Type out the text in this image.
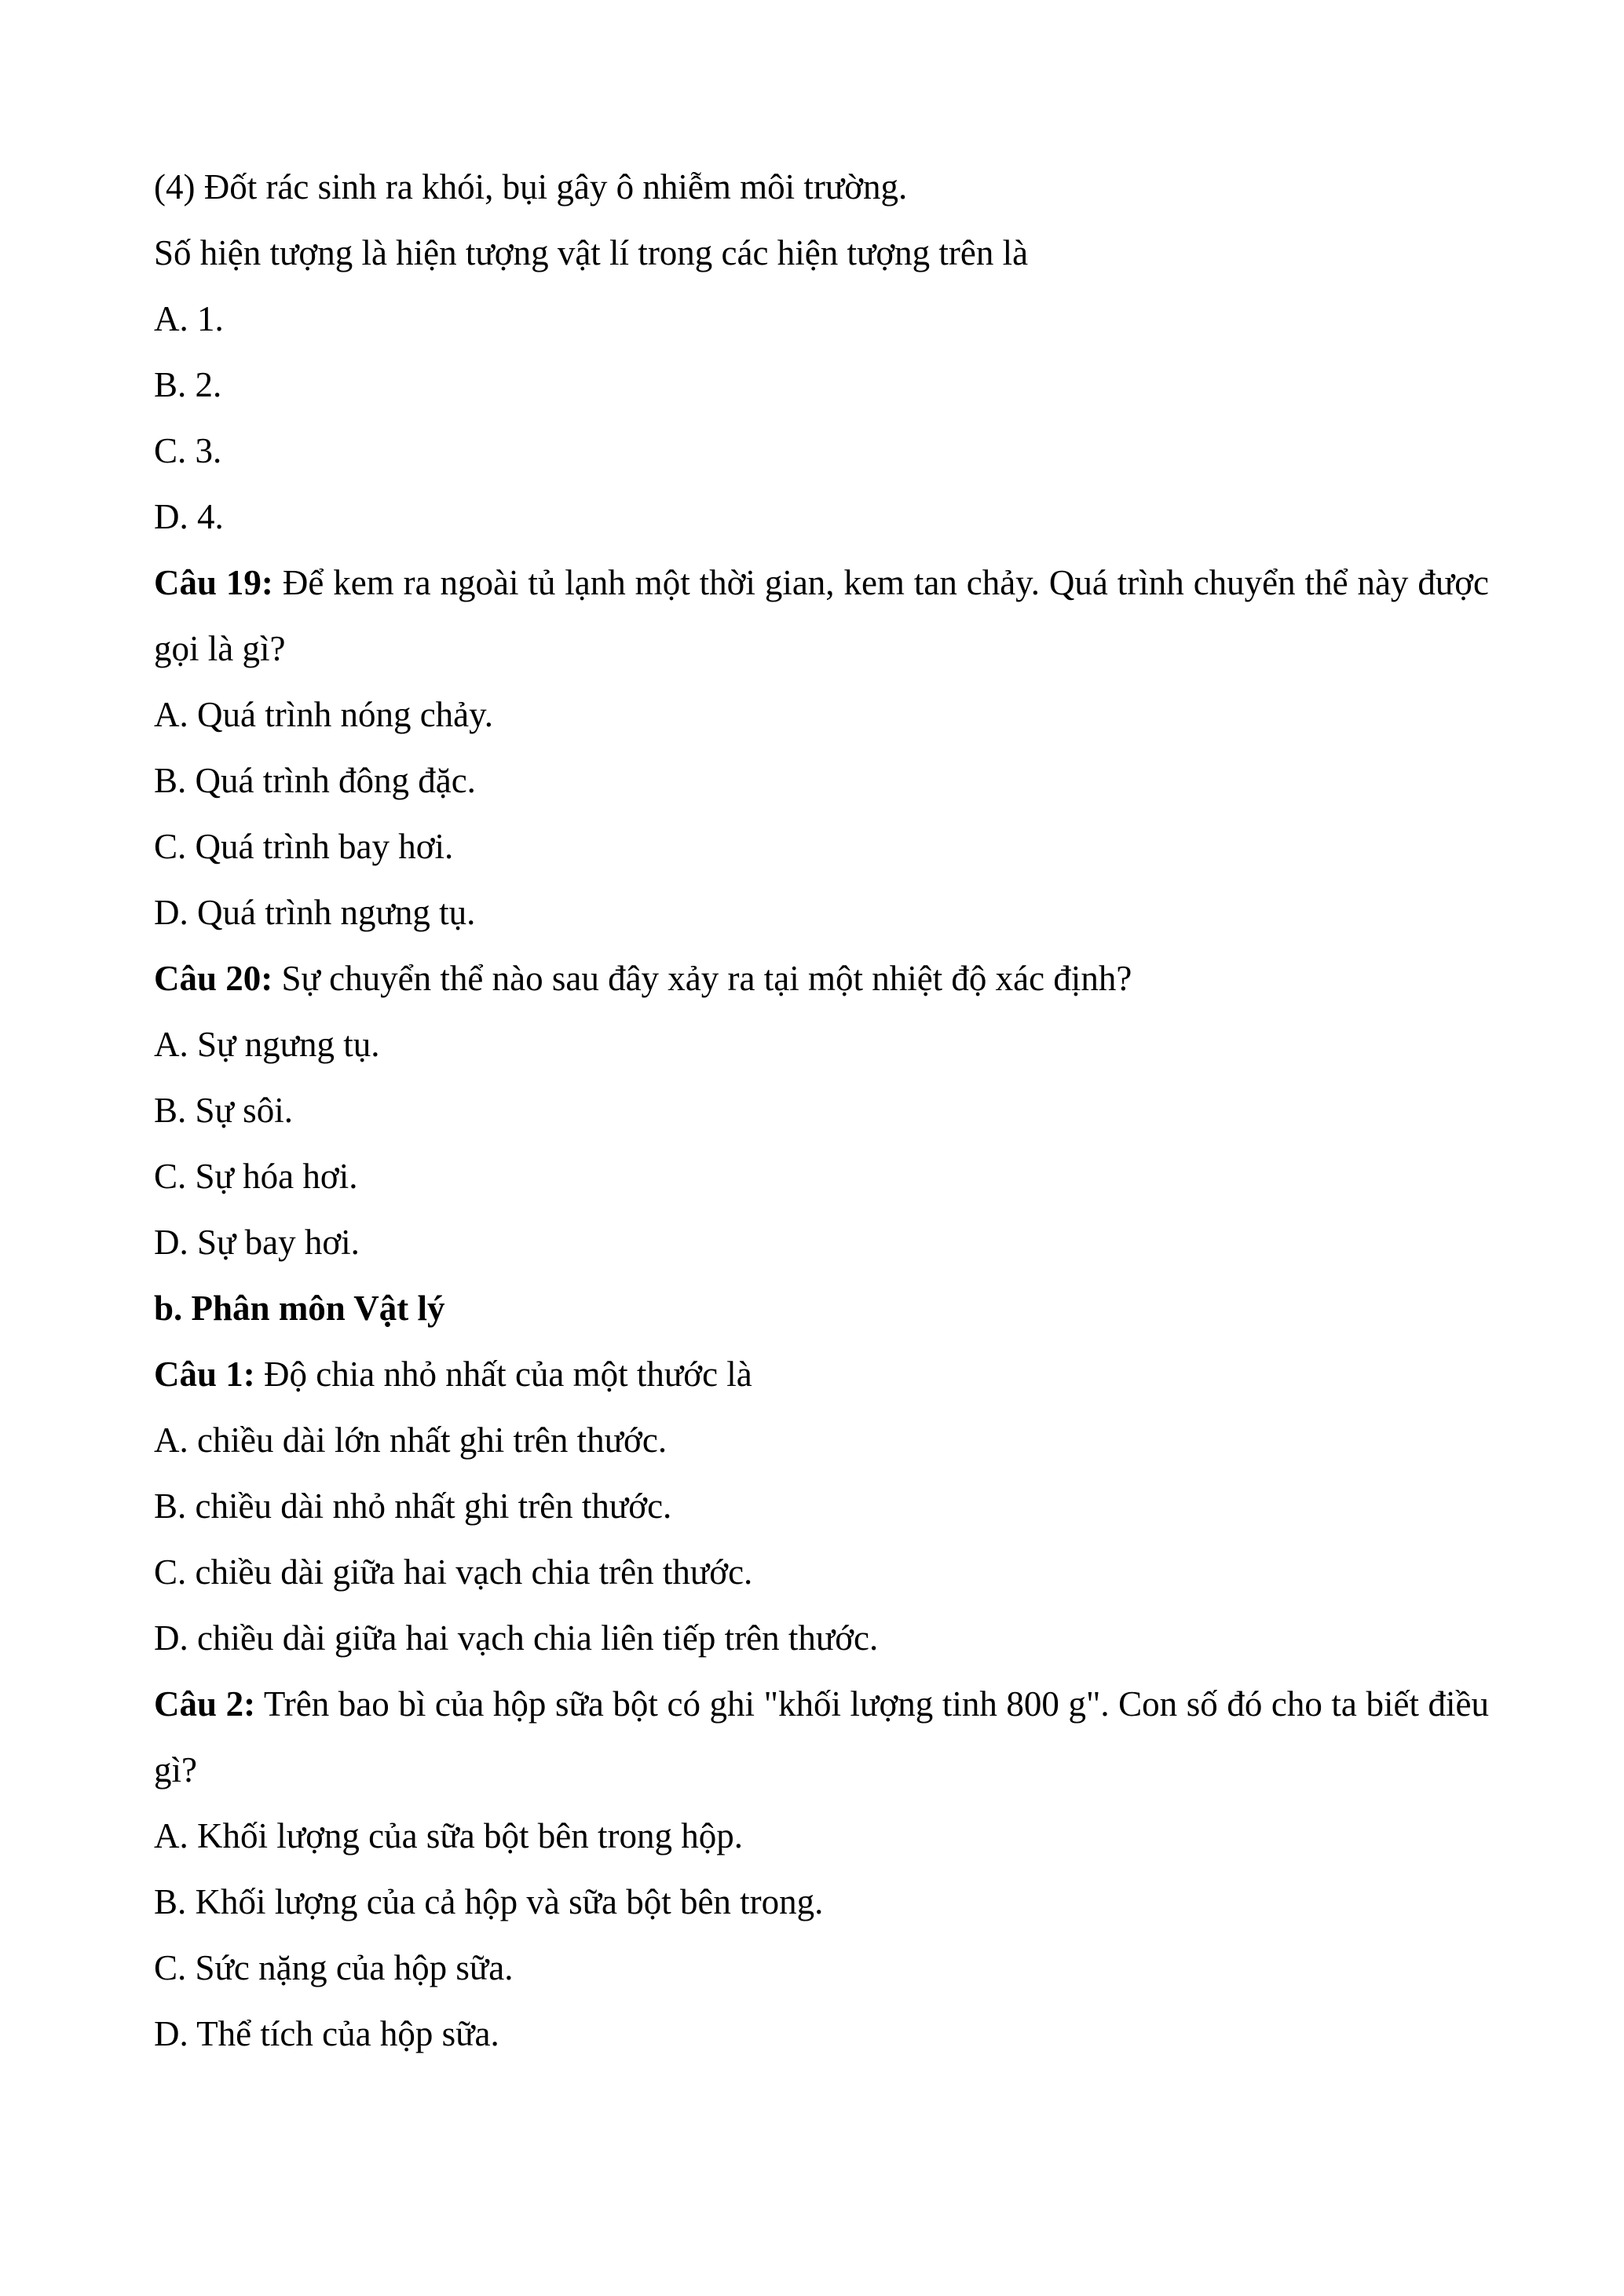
(4) Đốt rác sinh ra khói, bụi gây ô nhiễm môi trường.
Số hiện tượng là hiện tượng vật lí trong các hiện tượng trên là
A. 1.
B. 2.
C. 3.
D. 4.
Câu 19: Để kem ra ngoài tủ lạnh một thời gian, kem tan chảy. Quá trình chuyển thể này được gọi là gì?
A. Quá trình nóng chảy.
B. Quá trình đông đặc.
C. Quá trình bay hơi.
D. Quá trình ngưng tụ.
Câu 20: Sự chuyển thể nào sau đây xảy ra tại một nhiệt độ xác định?
A. Sự ngưng tụ.
B. Sự sôi.
C. Sự hóa hơi.
D. Sự bay hơi.
b. Phân môn Vật lý
Câu 1: Độ chia nhỏ nhất của một thước là
A. chiều dài lớn nhất ghi trên thước.
B. chiều dài nhỏ nhất ghi trên thước.
C. chiều dài giữa hai vạch chia trên thước.
D. chiều dài giữa hai vạch chia liên tiếp trên thước.
Câu 2: Trên bao bì của hộp sữa bột có ghi "khối lượng tinh 800 g". Con số đó cho ta biết điều gì?
A. Khối lượng của sữa bột bên trong hộp.
B. Khối lượng của cả hộp và sữa bột bên trong.
C. Sức nặng của hộp sữa.
D. Thể tích của hộp sữa.
